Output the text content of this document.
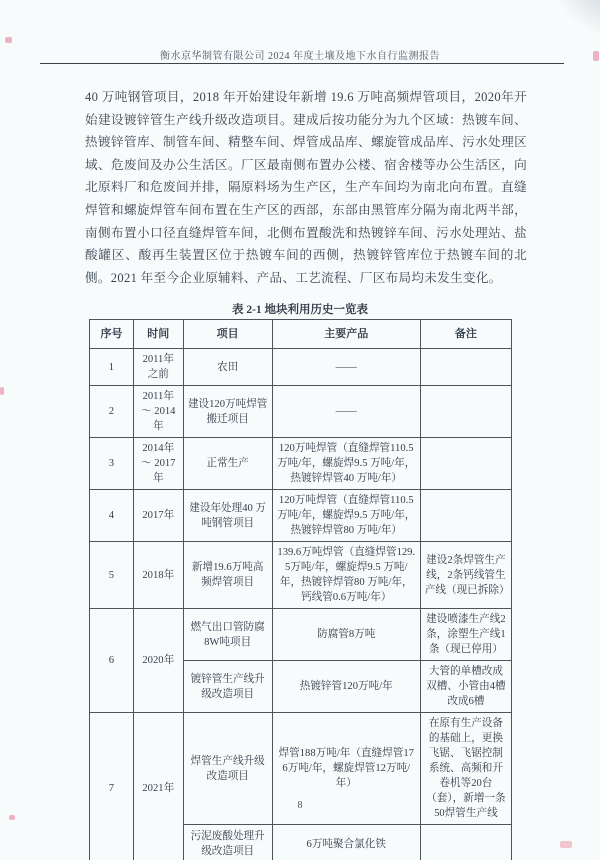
衡水京华制管有限公司 2024 年度土壤及地下水自行监测报告
40 万吨钢管项目，2018 年开始建设年新增 19.6 万吨高频焊管项目，2020年开始建设镀锌管生产线升级改造项目。建成后按功能分为九个区域：热镀车间、热镀锌管库、制管车间、精整车间、焊管成品库、螺旋管成品库、污水处理区域、危废间及办公生活区。厂区最南侧布置办公楼、宿舍楼等办公生活区，向北原料厂和危废间并排，隔原料场为生产区，生产车间均为南北向布置。直缝焊管和螺旋焊管车间布置在生产区的西部，东部由黑管库分隔为南北两半部，南侧布置小口径直缝焊管车间，北侧布置酸洗和热镀锌车间、污水处理站、盐酸罐区、酸再生装置区位于热镀车间的西侧，热镀锌管库位于热镀车间的北侧。2021 年至今企业原辅料、产品、工艺流程、厂区布局均未发生变化。
表 2-1 地块利用历史一览表
序号	时间	项目	主要产品	备注
1	2011年之前	农田	——	
2	2011年～ 2014年	建设120万吨焊管 搬迁项目	——	
3	2014年～ 2017年	正常生产	120万吨焊管（直缝焊管110.5万吨/年，螺旋焊9.5 万吨/年，热镀锌焊管40 万吨/年）	
4	2017年	建设年处理40 万吨钢管项目	120万吨焊管（直缝焊管110.5万吨/年，螺旋焊9.5 万吨/年，热镀锌焊管80 万吨/年）	
5	2018年	新增19.6万吨高频焊管项目	139.6万吨焊管（直缝焊管129.5万吨/年，螺旋焊9.5 万吨/年，热镀锌焊管80 万吨/年，钙线管0.6万吨/年）	建设2条焊管生产线，2条钙线管生产线（现已拆除）
6	2020年	燃气出口管防腐 8W吨项目	防腐管8万吨	建设喷漆生产线2条，涂塑生产线1条（现已停用）
		镀锌管生产线升级改造项目	热镀锌管120万吨/年	大管的单槽改成双槽、小管由4槽改成6槽
7	2021年	焊管生产线升级改造项目	焊管188万吨/年（直缝焊管176万吨/年，螺旋焊管12万吨/年）	在原有生产设备的基础上，更换飞锯、飞锯控制系统、高频和开卷机等20台（套），新增一条50焊管生产线
		污泥废酸处理升级改造项目	6万吨聚合氯化铁	
8
